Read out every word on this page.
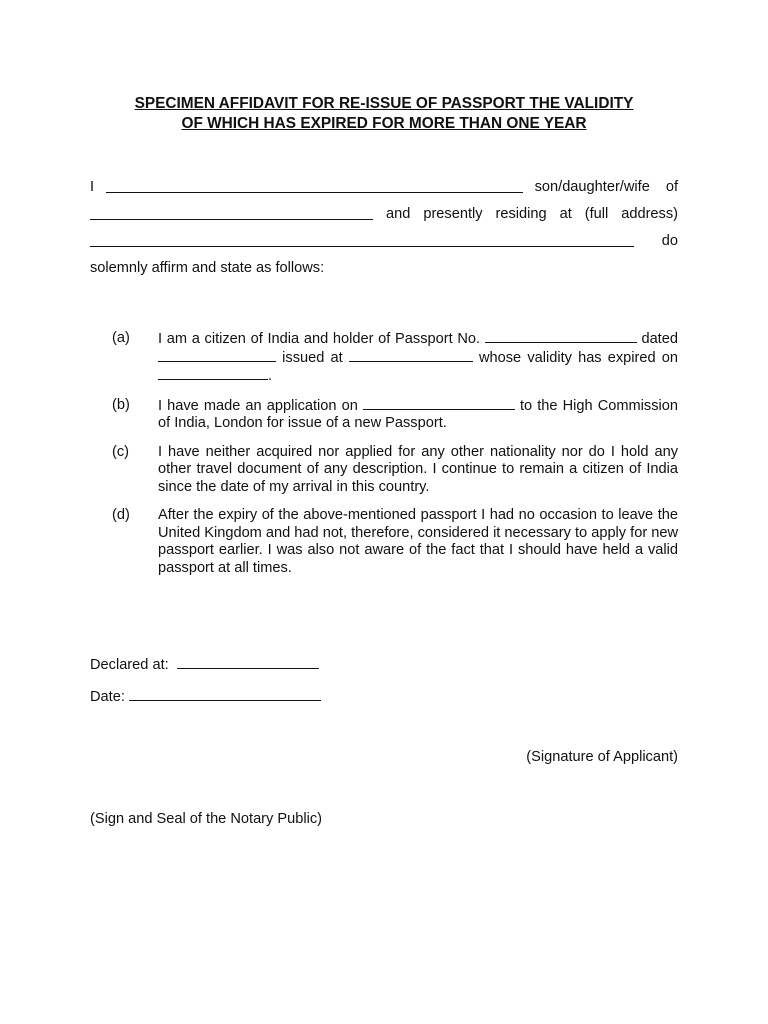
SPECIMEN AFFIDAVIT FOR RE-ISSUE OF PASSPORT THE VALIDITY
OF WHICH HAS EXPIRED FOR MORE THAN ONE YEAR
I	son/daughter/wife of
and presently residing at (full address)
do
solemnly affirm and state as follows:
(a)	I am a citizen of India and holder of Passport No.	dated  issued at	whose validity has expired on .
(b)	I have made an application on	to the High Commission of India, London for issue of a new Passport.
(c)	I have neither acquired nor applied for any other nationality nor do I hold any other travel document of any description. I continue to remain a citizen of India since the date of my arrival in this country.
(d)	After the expiry of the above-mentioned passport I had no occasion to leave the United Kingdom and had not, therefore, considered it necessary to apply for new passport earlier. I was also not aware of the fact that I should have held a valid passport at all times.
Declared at:
Date:
(Signature of Applicant)
(Sign and Seal of the Notary Public)
